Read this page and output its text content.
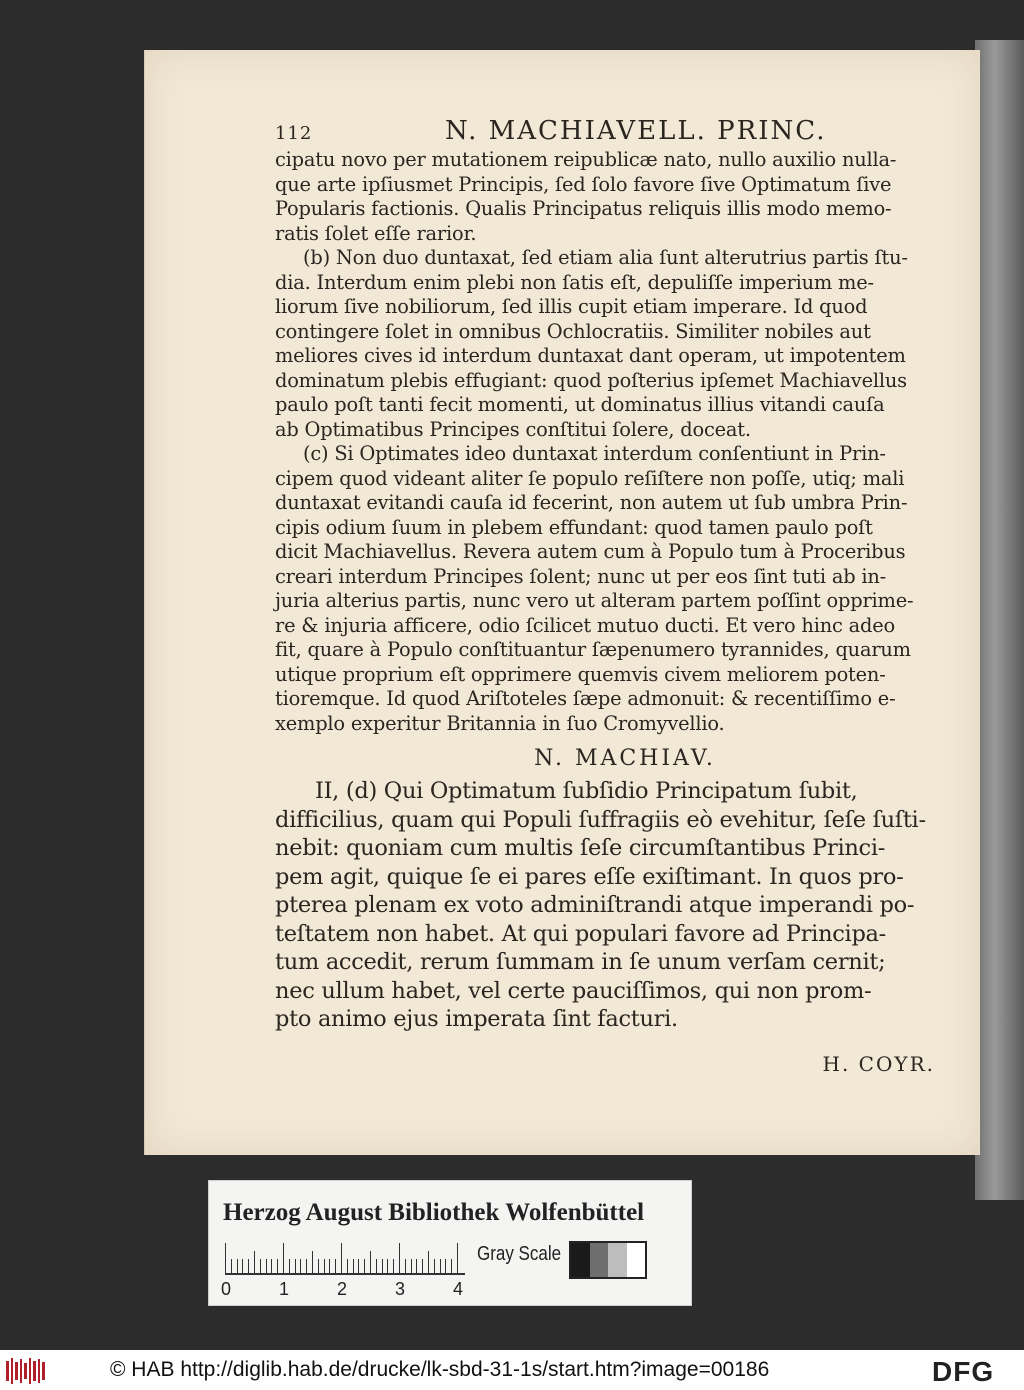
112	N. MACHIAVELL. PRINC.
cipatu novo per mutationem reipublicæ nato, nullo auxilio nulla-
que arte ipſiusmet Principis, ſed ſolo favore ſive Optimatum ſive
Popularis factionis. Qualis Principatus reliquis illis modo memo-
ratis ſolet eſſe rarior.
(b) Non duo duntaxat, ſed etiam alia ſunt alterutrius partis ſtu-
dia. Interdum enim plebi non ſatis eſt, depuliſſe imperium me-
liorum ſive nobiliorum, ſed illis cupit etiam imperare. Id quod
contingere ſolet in omnibus Ochlocratiis. Similiter nobiles aut
meliores cives id interdum duntaxat dant operam, ut impotentem
dominatum plebis effugiant: quod poſterius ipſemet Machiavellus
paulo poſt tanti fecit momenti, ut dominatus illius vitandi cauſa
ab Optimatibus Principes conſtitui ſolere, doceat.
(c) Si Optimates ideo duntaxat interdum conſentiunt in Prin-
cipem quod videant aliter ſe populo reſiſtere non poſſe, utiq; mali
duntaxat evitandi cauſa id fecerint, non autem ut ſub umbra Prin-
cipis odium ſuum in plebem effundant: quod tamen paulo poſt
dicit Machiavellus. Revera autem cum à Populo tum à Proceribus
creari interdum Principes ſolent; nunc ut per eos ſint tuti ab in-
juria alterius partis, nunc vero ut alteram partem poſſint opprime-
re & injuria afficere, odio ſcilicet mutuo ducti. Et vero hinc adeo
fit, quare à Populo conſtituantur ſæpenumero tyrannides, quarum
utique proprium eſt opprimere quemvis civem meliorem poten-
tioremque. Id quod Ariſtoteles ſæpe admonuit: & recentiſſimo e-
xemplo experitur Britannia in ſuo Cromyvellio.
N. MACHIAV.
II, (d) Qui Optimatum ſubſidio Principatum ſubit,
difficilius, quam qui Populi ſuffragiis eò evehitur, ſeſe ſuſti-
nebit: quoniam cum multis ſeſe circumſtantibus Princi-
pem agit, quique ſe ei pares eſſe exiſtimant. In quos pro-
pterea plenam ex voto adminiſtrandi atque imperandi po-
teſtatem non habet. At qui populari favore ad Principa-
tum accedit, rerum ſummam in ſe unum verſam cernit;
nec ullum habet, vel certe pauciſſimos, qui non prom-
pto animo ejus imperata ſint facturi.
H. COYR.
Herzog August Bibliothek Wolfenbüttel
0	1	2	3	4
Gray Scale
© HAB http://diglib.hab.de/drucke/lk-sbd-31-1s/start.htm?image=00186	DFG
